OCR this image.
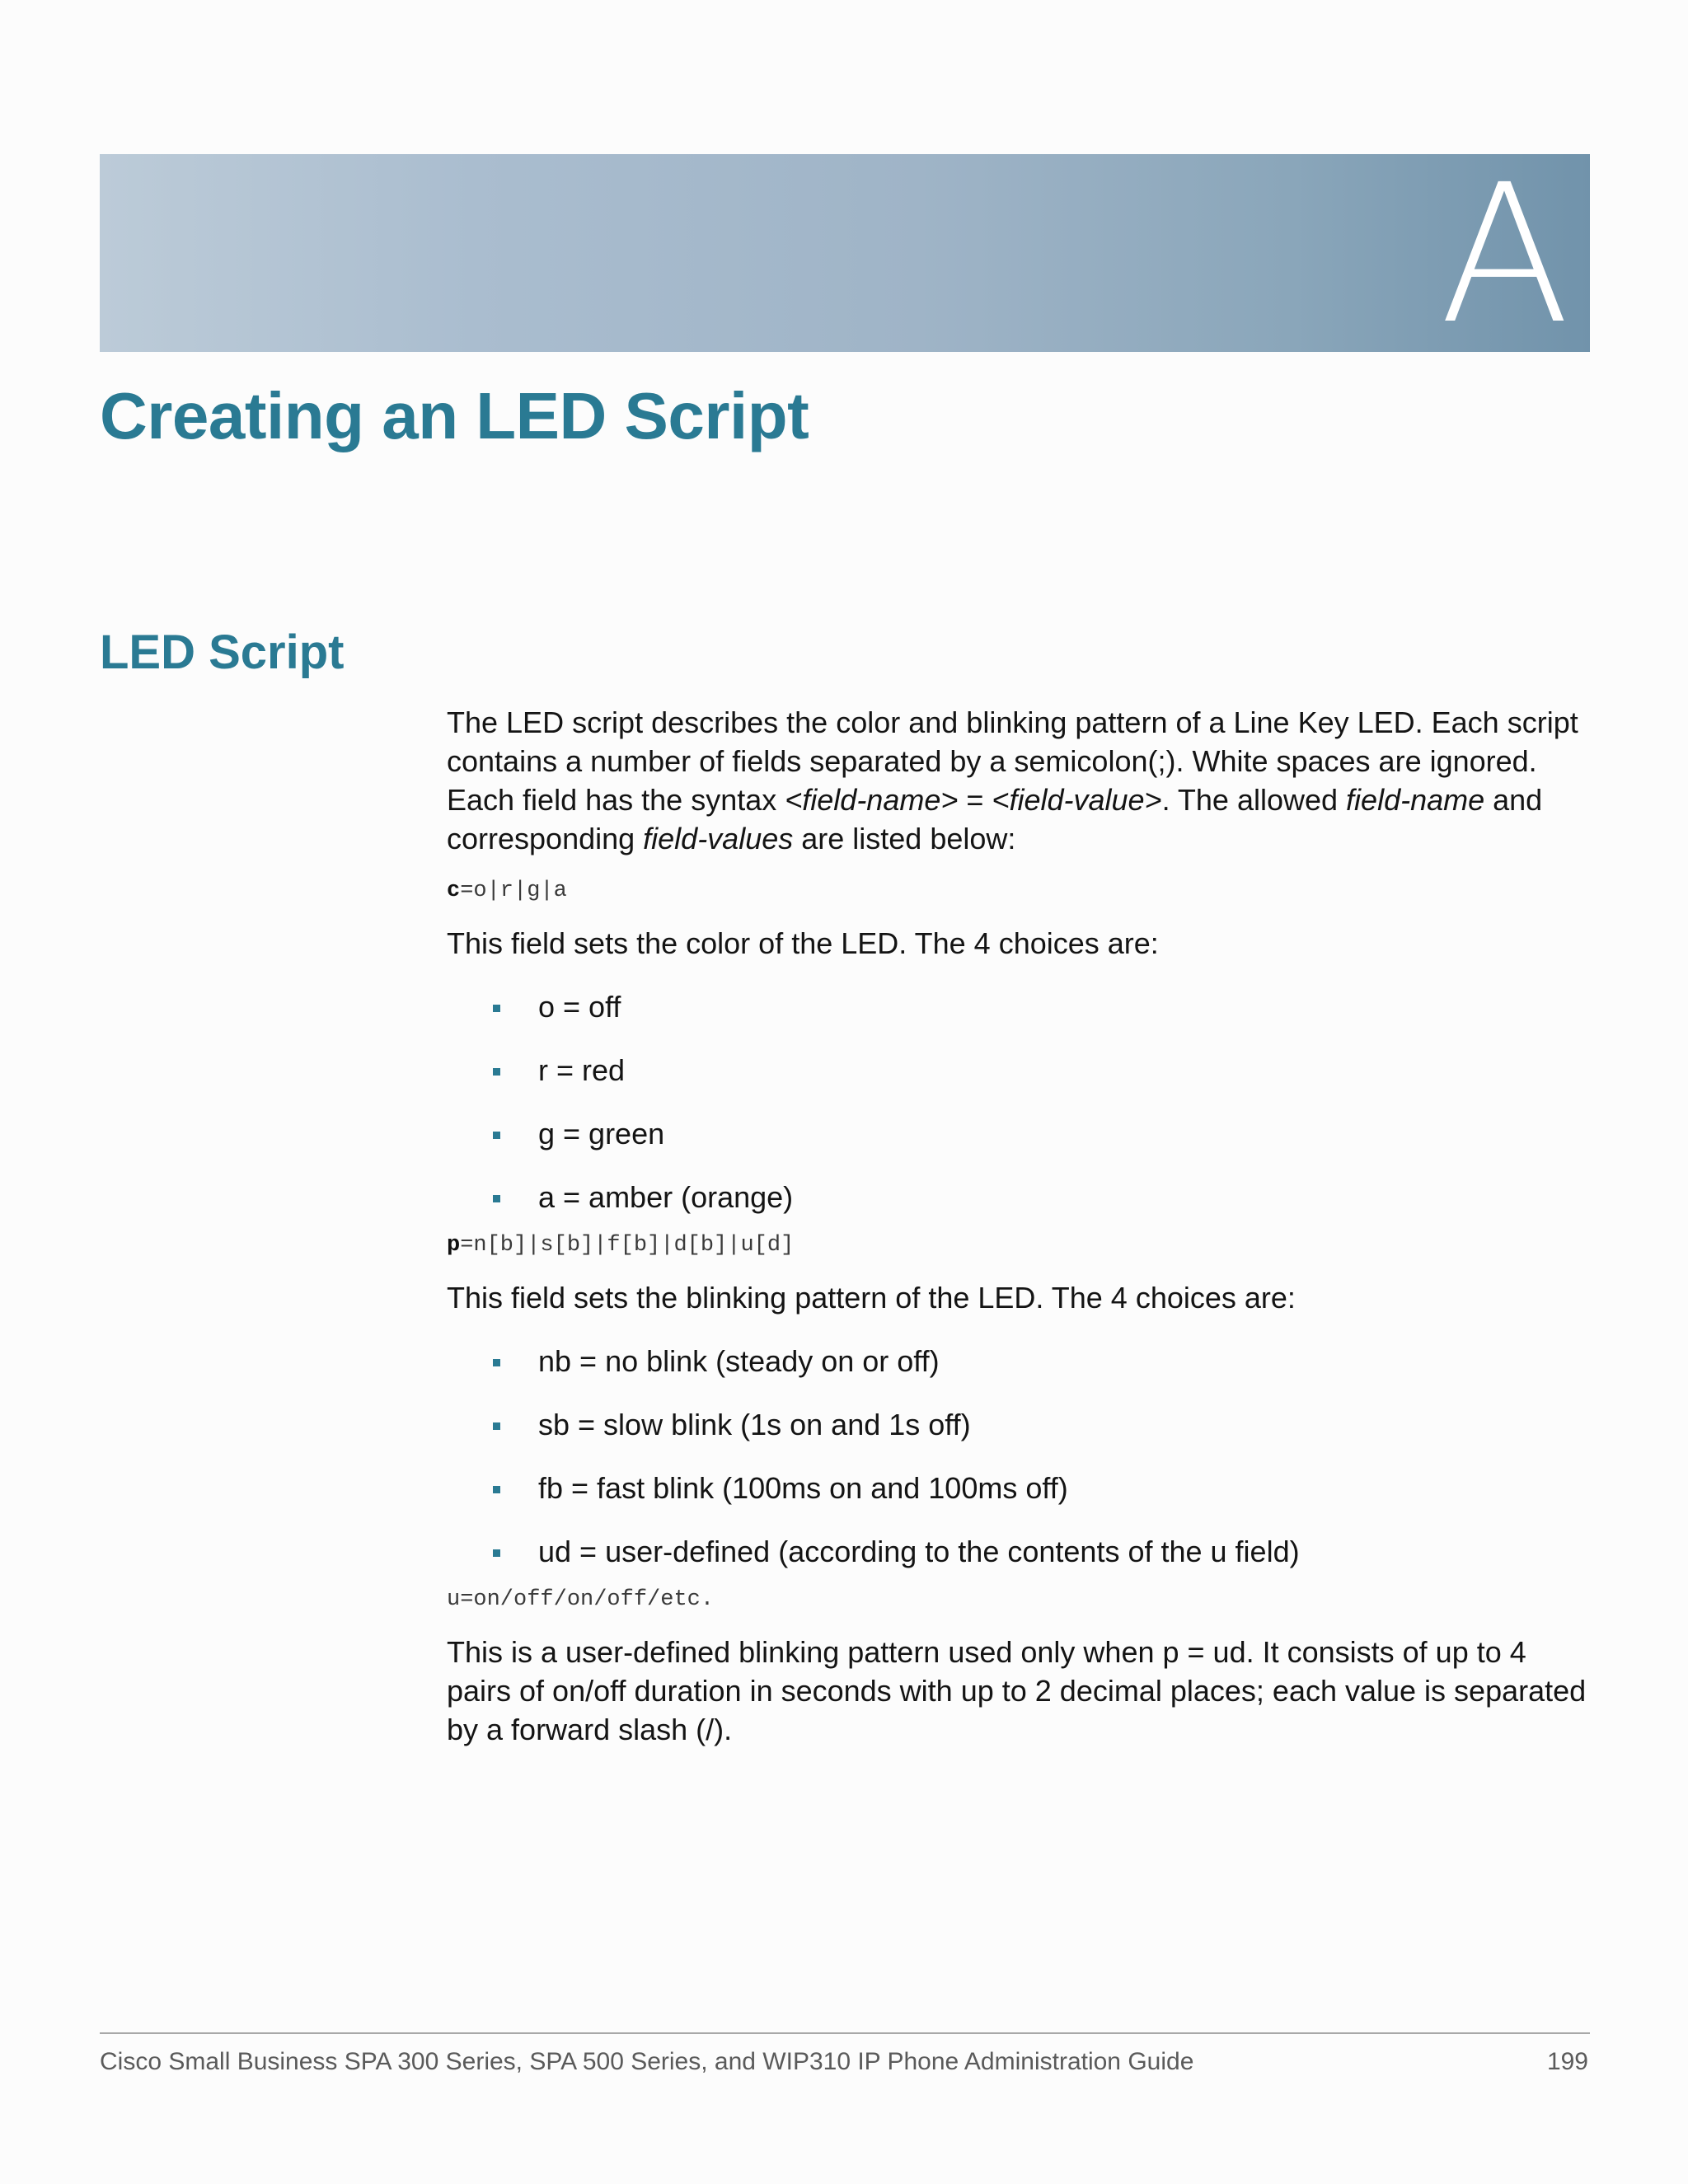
A
Creating an LED Script
LED Script

The LED script describes the color and blinking pattern of a Line Key LED. Each script contains a number of fields separated by a semicolon(;). White spaces are ignored. Each field has the syntax <field-name> = <field-value>. The allowed field-name and corresponding field-values are listed below:

c=o|r|g|a

This field sets the color of the LED. The 4 choices are:

o = off
r = red
g = green
a = amber (orange)

p=n[b]|s[b]|f[b]|d[b]|u[d]

This field sets the blinking pattern of the LED. The 4 choices are:

nb = no blink (steady on or off)
sb = slow blink (1s on and 1s off)
fb = fast blink (100ms on and 100ms off)
ud = user-defined (according to the contents of the u field)

u=on/off/on/off/etc.

This is a user-defined blinking pattern used only when p = ud. It consists of up to 4 pairs of on/off duration in seconds with up to 2 decimal places; each value is separated by a forward slash (/).

Cisco Small Business SPA 300 Series, SPA 500 Series, and WIP310 IP Phone Administration Guide	199
